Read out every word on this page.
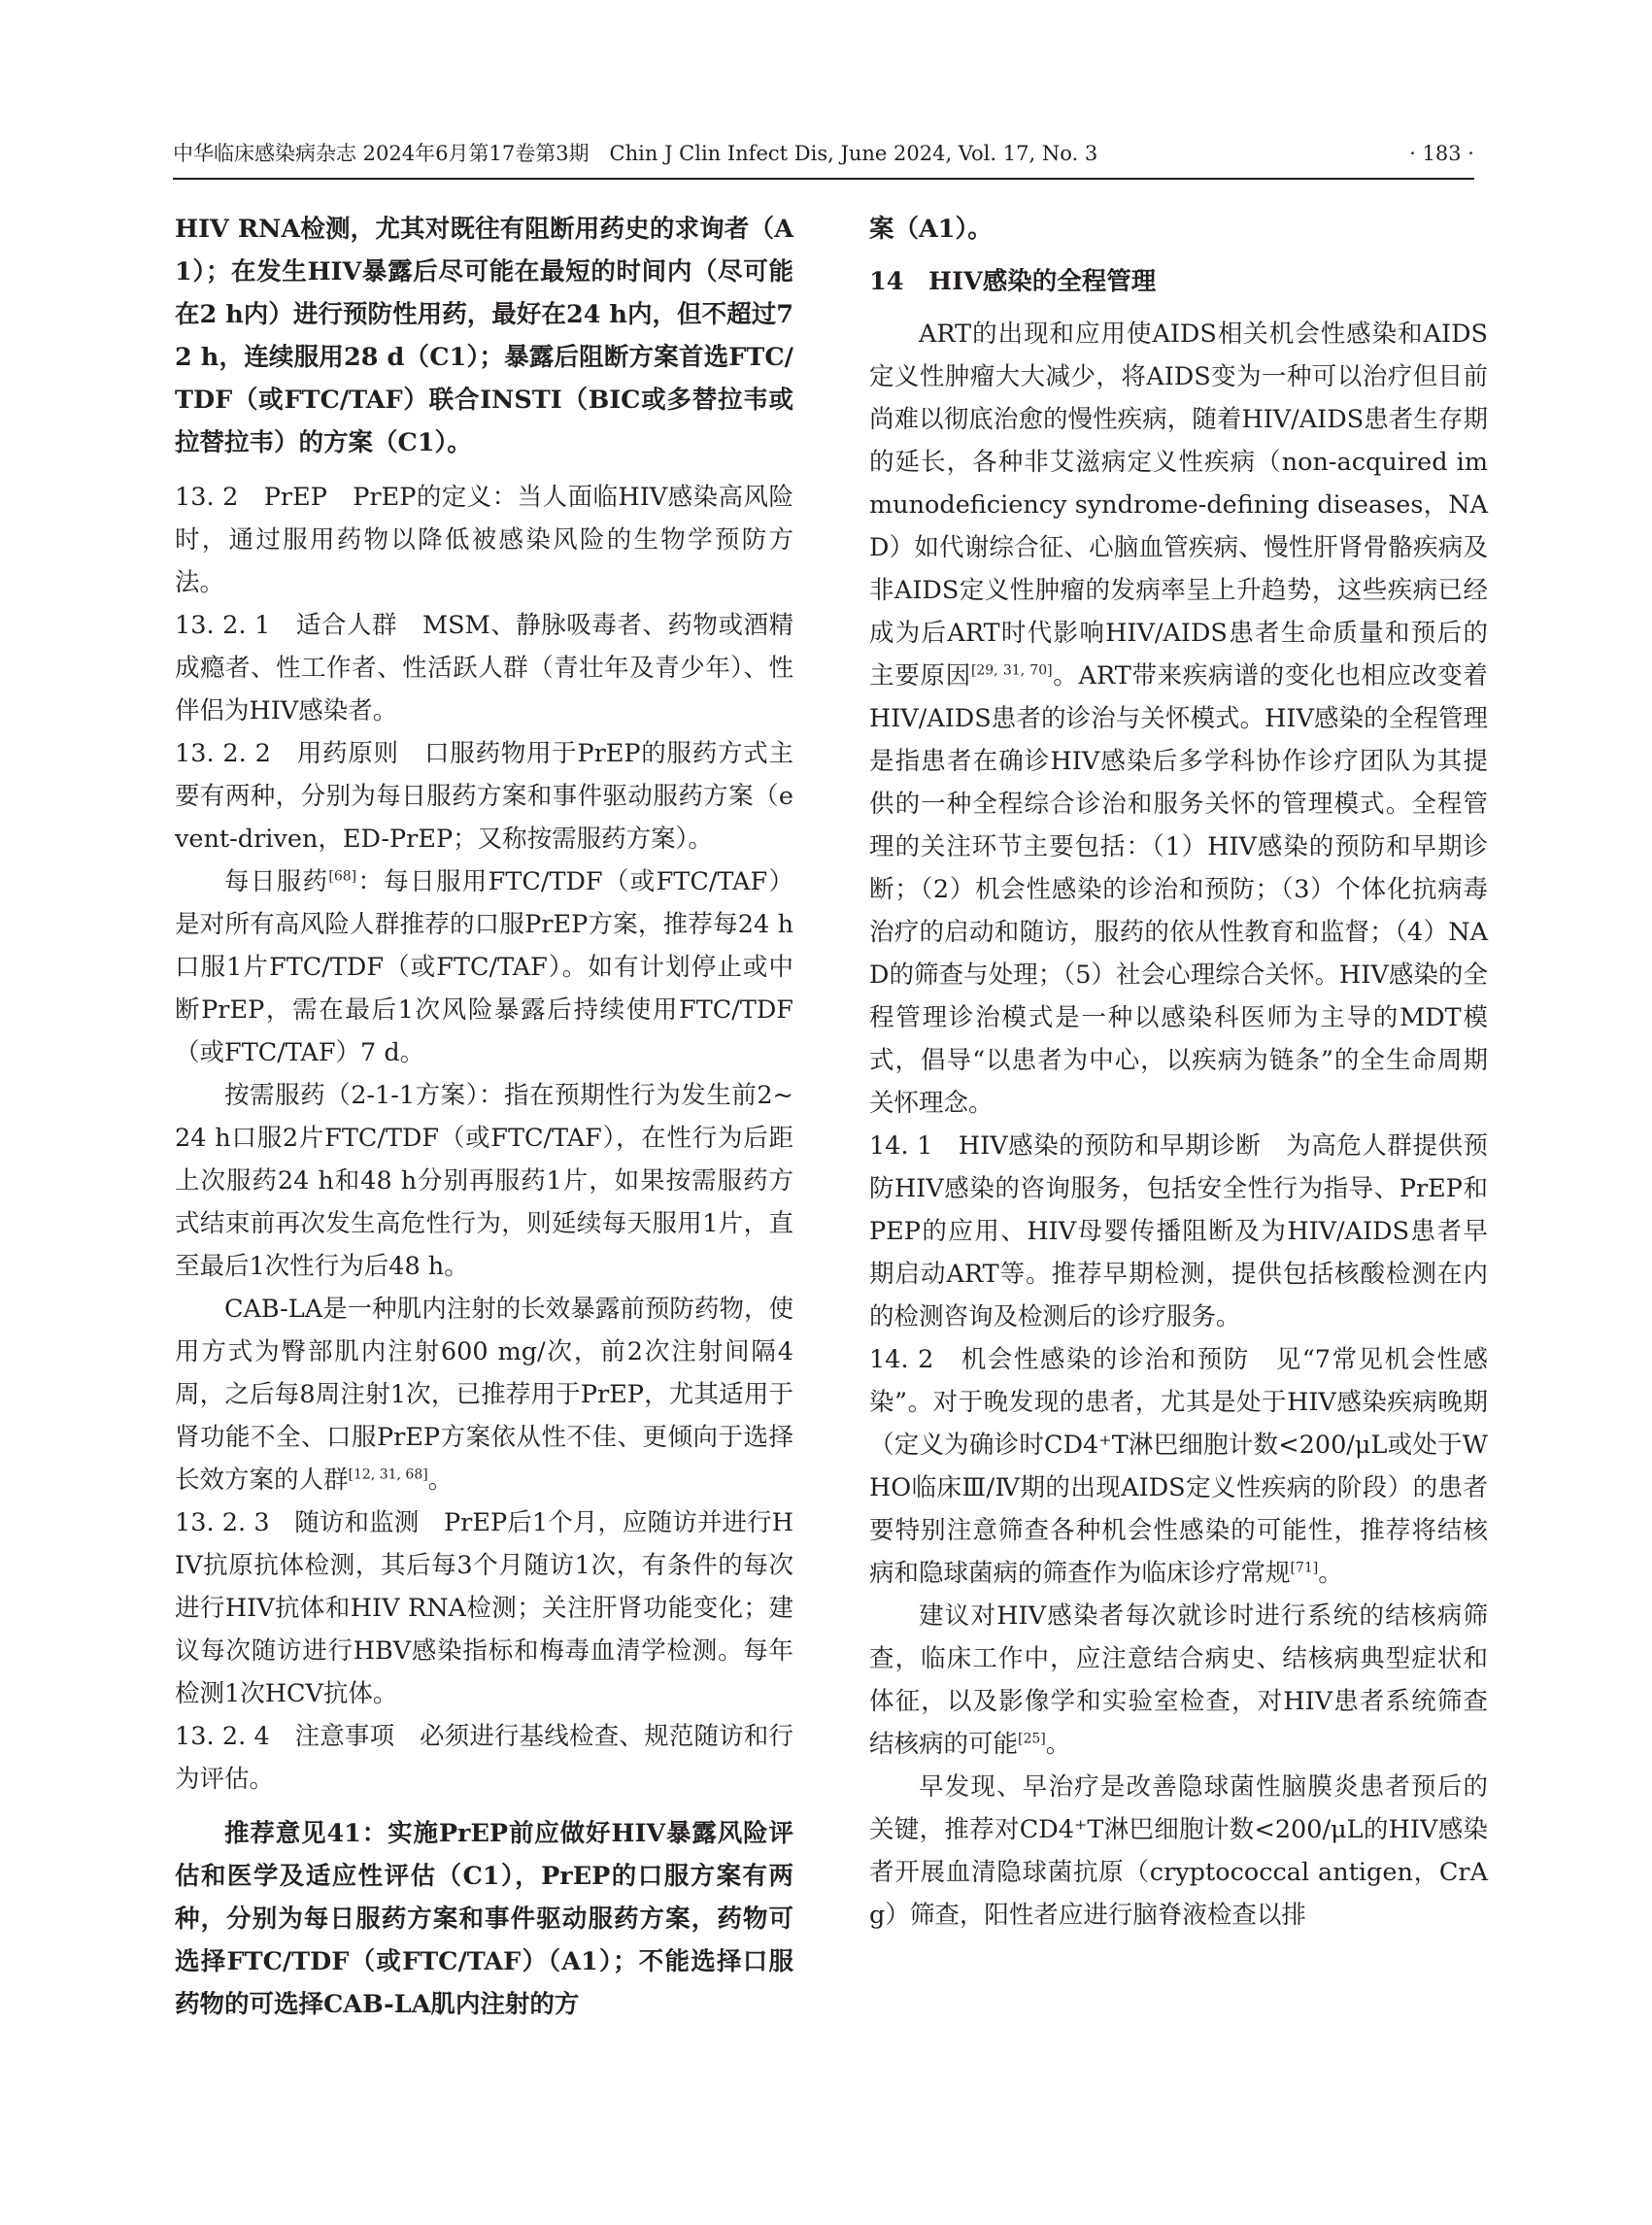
中华临床感染病杂志 2024年6月第17卷第3期　Chin J Clin Infect Dis, June 2024, Vol. 17, No. 3	· 183 ·

HIV RNA检测，尤其对既往有阻断用药史的求询者（A1）；在发生HIV暴露后尽可能在最短的时间内（尽可能在2 h内）进行预防性用药，最好在24 h内，但不超过72 h，连续服用28 d（C1）；暴露后阻断方案首选FTC/TDF（或FTC/TAF）联合INSTI（BIC或多替拉韦或拉替拉韦）的方案（C1）。

13. 2　PrEP　PrEP的定义：当人面临HIV感染高风险时，通过服用药物以降低被感染风险的生物学预防方法。

13. 2. 1　适合人群　MSM、静脉吸毒者、药物或酒精成瘾者、性工作者、性活跃人群（青壮年及青少年）、性伴侣为HIV感染者。

13. 2. 2　用药原则　口服药物用于PrEP的服药方式主要有两种，分别为每日服药方案和事件驱动服药方案（event-driven，ED-PrEP；又称按需服药方案）。

每日服药[68]：每日服用FTC/TDF（或FTC/TAF）是对所有高风险人群推荐的口服PrEP方案，推荐每24 h口服1片FTC/TDF（或FTC/TAF）。如有计划停止或中断PrEP，需在最后1次风险暴露后持续使用FTC/TDF（或FTC/TAF）7 d。

按需服药（2-1-1方案）：指在预期性行为发生前2~24 h口服2片FTC/TDF（或FTC/TAF），在性行为后距上次服药24 h和48 h分别再服药1片，如果按需服药方式结束前再次发生高危性行为，则延续每天服用1片，直至最后1次性行为后48 h。

CAB-LA是一种肌内注射的长效暴露前预防药物，使用方式为臀部肌内注射600 mg/次，前2次注射间隔4周，之后每8周注射1次，已推荐用于PrEP，尤其适用于肾功能不全、口服PrEP方案依从性不佳、更倾向于选择长效方案的人群[12, 31, 68]。

13. 2. 3　随访和监测　PrEP后1个月，应随访并进行HIV抗原抗体检测，其后每3个月随访1次，有条件的每次进行HIV抗体和HIV RNA检测；关注肝肾功能变化；建议每次随访进行HBV感染指标和梅毒血清学检测。每年检测1次HCV抗体。

13. 2. 4　注意事项　必须进行基线检查、规范随访和行为评估。

推荐意见41：实施PrEP前应做好HIV暴露风险评估和医学及适应性评估（C1），PrEP的口服方案有两种，分别为每日服药方案和事件驱动服药方案，药物可选择FTC/TDF（或FTC/TAF）（A1）；不能选择口服药物的可选择CAB-LA肌内注射的方

案（A1）。

14　HIV感染的全程管理

ART的出现和应用使AIDS相关机会性感染和AIDS定义性肿瘤大大减少，将AIDS变为一种可以治疗但目前尚难以彻底治愈的慢性疾病，随着HIV/AIDS患者生存期的延长，各种非艾滋病定义性疾病（non-acquired immunodeficiency syndrome-defining diseases，NAD）如代谢综合征、心脑血管疾病、慢性肝肾骨骼疾病及非AIDS定义性肿瘤的发病率呈上升趋势，这些疾病已经成为后ART时代影响HIV/AIDS患者生命质量和预后的主要原因[29, 31, 70]。ART带来疾病谱的变化也相应改变着HIV/AIDS患者的诊治与关怀模式。HIV感染的全程管理是指患者在确诊HIV感染后多学科协作诊疗团队为其提供的一种全程综合诊治和服务关怀的管理模式。全程管理的关注环节主要包括：（1）HIV感染的预防和早期诊断；（2）机会性感染的诊治和预防；（3）个体化抗病毒治疗的启动和随访，服药的依从性教育和监督；（4）NAD的筛查与处理；（5）社会心理综合关怀。HIV感染的全程管理诊治模式是一种以感染科医师为主导的MDT模式，倡导“以患者为中心，以疾病为链条”的全生命周期关怀理念。

14. 1　HIV感染的预防和早期诊断　为高危人群提供预防HIV感染的咨询服务，包括安全性行为指导、PrEP和PEP的应用、HIV母婴传播阻断及为HIV/AIDS患者早期启动ART等。推荐早期检测，提供包括核酸检测在内的检测咨询及检测后的诊疗服务。

14. 2　机会性感染的诊治和预防　见“7常见机会性感染”。对于晚发现的患者，尤其是处于HIV感染疾病晚期（定义为确诊时CD4⁺T淋巴细胞计数<200/μL或处于WHO临床Ⅲ/Ⅳ期的出现AIDS定义性疾病的阶段）的患者要特别注意筛查各种机会性感染的可能性，推荐将结核病和隐球菌病的筛查作为临床诊疗常规[71]。

建议对HIV感染者每次就诊时进行系统的结核病筛查，临床工作中，应注意结合病史、结核病典型症状和体征，以及影像学和实验室检查，对HIV患者系统筛查结核病的可能[25]。

早发现、早治疗是改善隐球菌性脑膜炎患者预后的关键，推荐对CD4⁺T淋巴细胞计数<200/μL的HIV感染者开展血清隐球菌抗原（cryptococcal antigen，CrAg）筛查，阳性者应进行脑脊液检查以排
